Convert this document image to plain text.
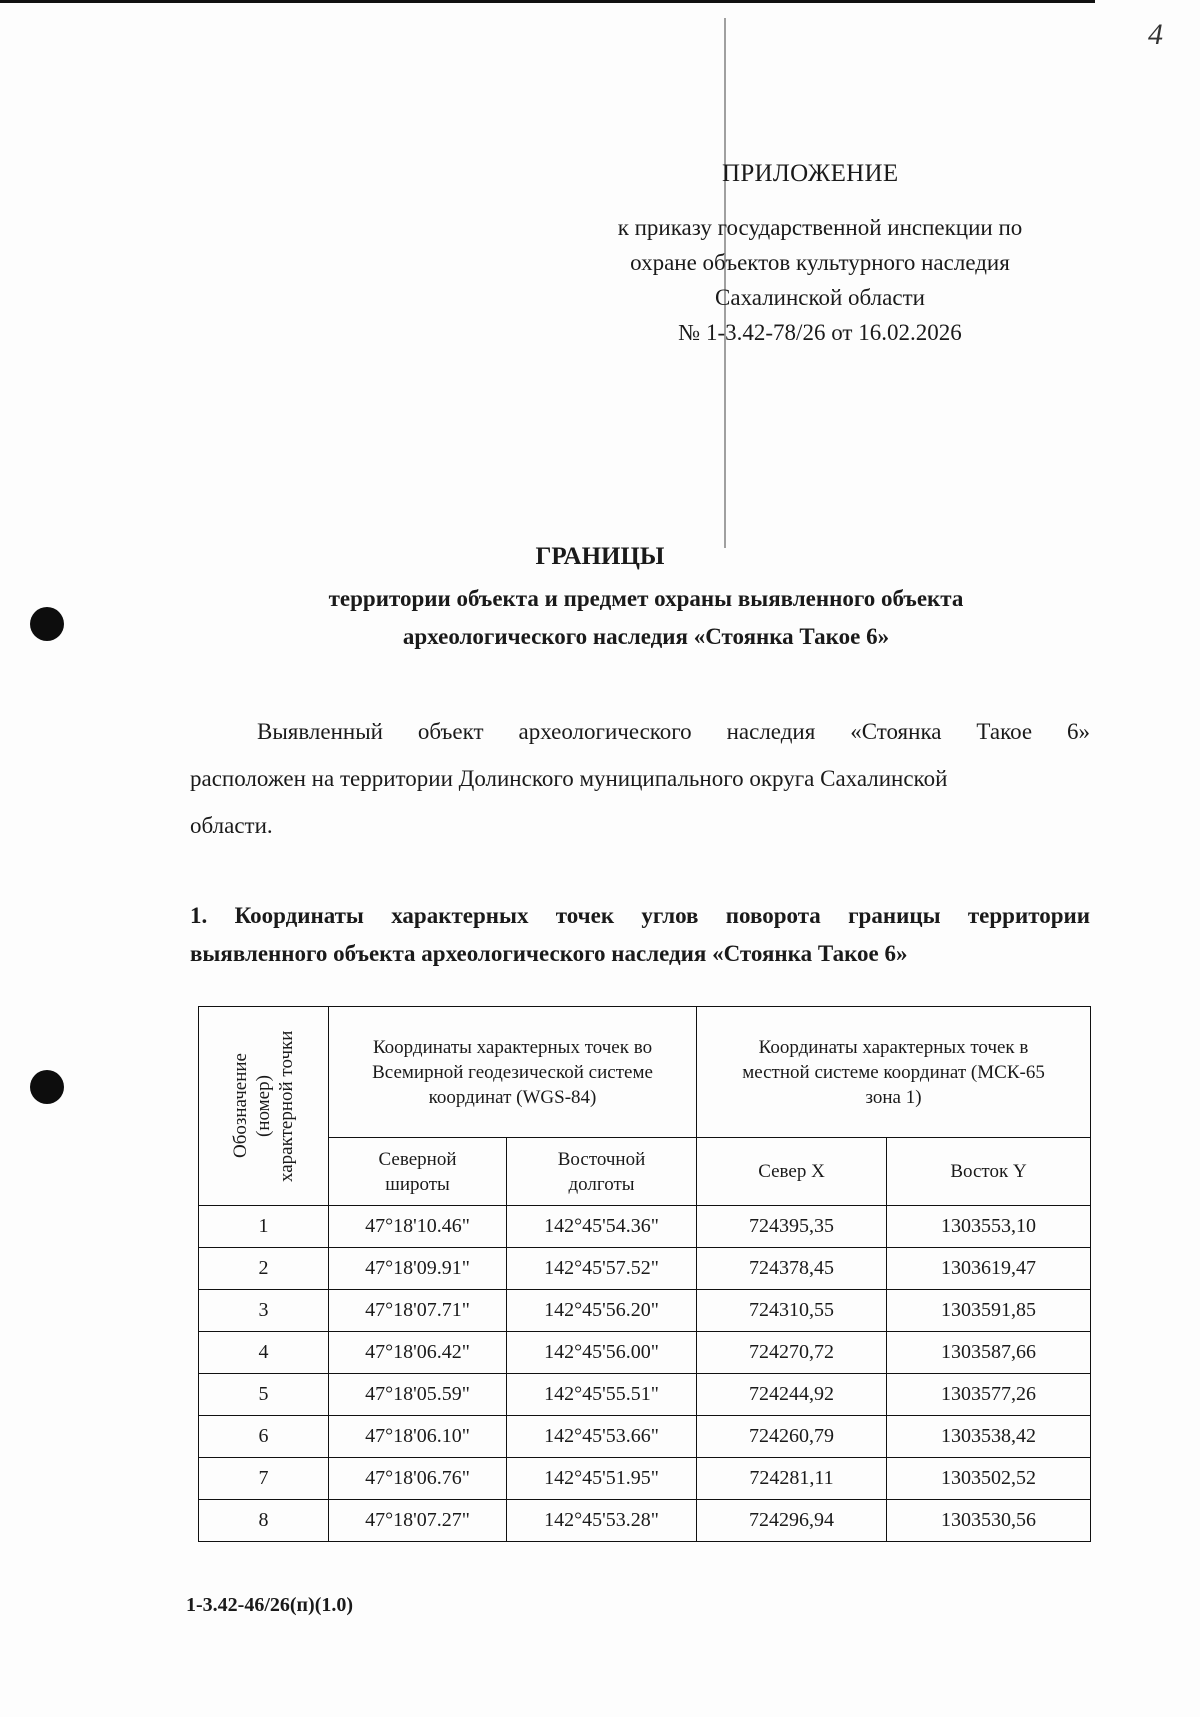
4
ПРИЛОЖЕНИЕ
к приказу государственной инспекции по
охране объектов культурного наследия
Сахалинской области
№ 1-3.42-78/26 от 16.02.2026
ГРАНИЦЫ
территории объекта и предмет охраны выявленного объекта
археологического наследия «Стоянка Такое 6»
Выявленный объект археологического наследия «Стоянка Такое 6»
расположен на территории Долинского муниципального округа Сахалинской
области.
1. Координаты характерных точек углов поворота границы территории
выявленного объекта археологического наследия «Стоянка Такое 6»
Обозначение (номер) характерной точки	Координаты характерных точек во Всемирной геодезической системе координат (WGS-84)		Координаты характерных точек в местной системе координат (МСК-65 зона 1)	
	Северной широты	Восточной долготы	Север X	Восток Y
1	47°18'10.46"	142°45'54.36"	724395,35	1303553,10
2	47°18'09.91"	142°45'57.52"	724378,45	1303619,47
3	47°18'07.71"	142°45'56.20"	724310,55	1303591,85
4	47°18'06.42"	142°45'56.00"	724270,72	1303587,66
5	47°18'05.59"	142°45'55.51"	724244,92	1303577,26
6	47°18'06.10"	142°45'53.66"	724260,79	1303538,42
7	47°18'06.76"	142°45'51.95"	724281,11	1303502,52
8	47°18'07.27"	142°45'53.28"	724296,94	1303530,56
1-3.42-46/26(п)(1.0)
